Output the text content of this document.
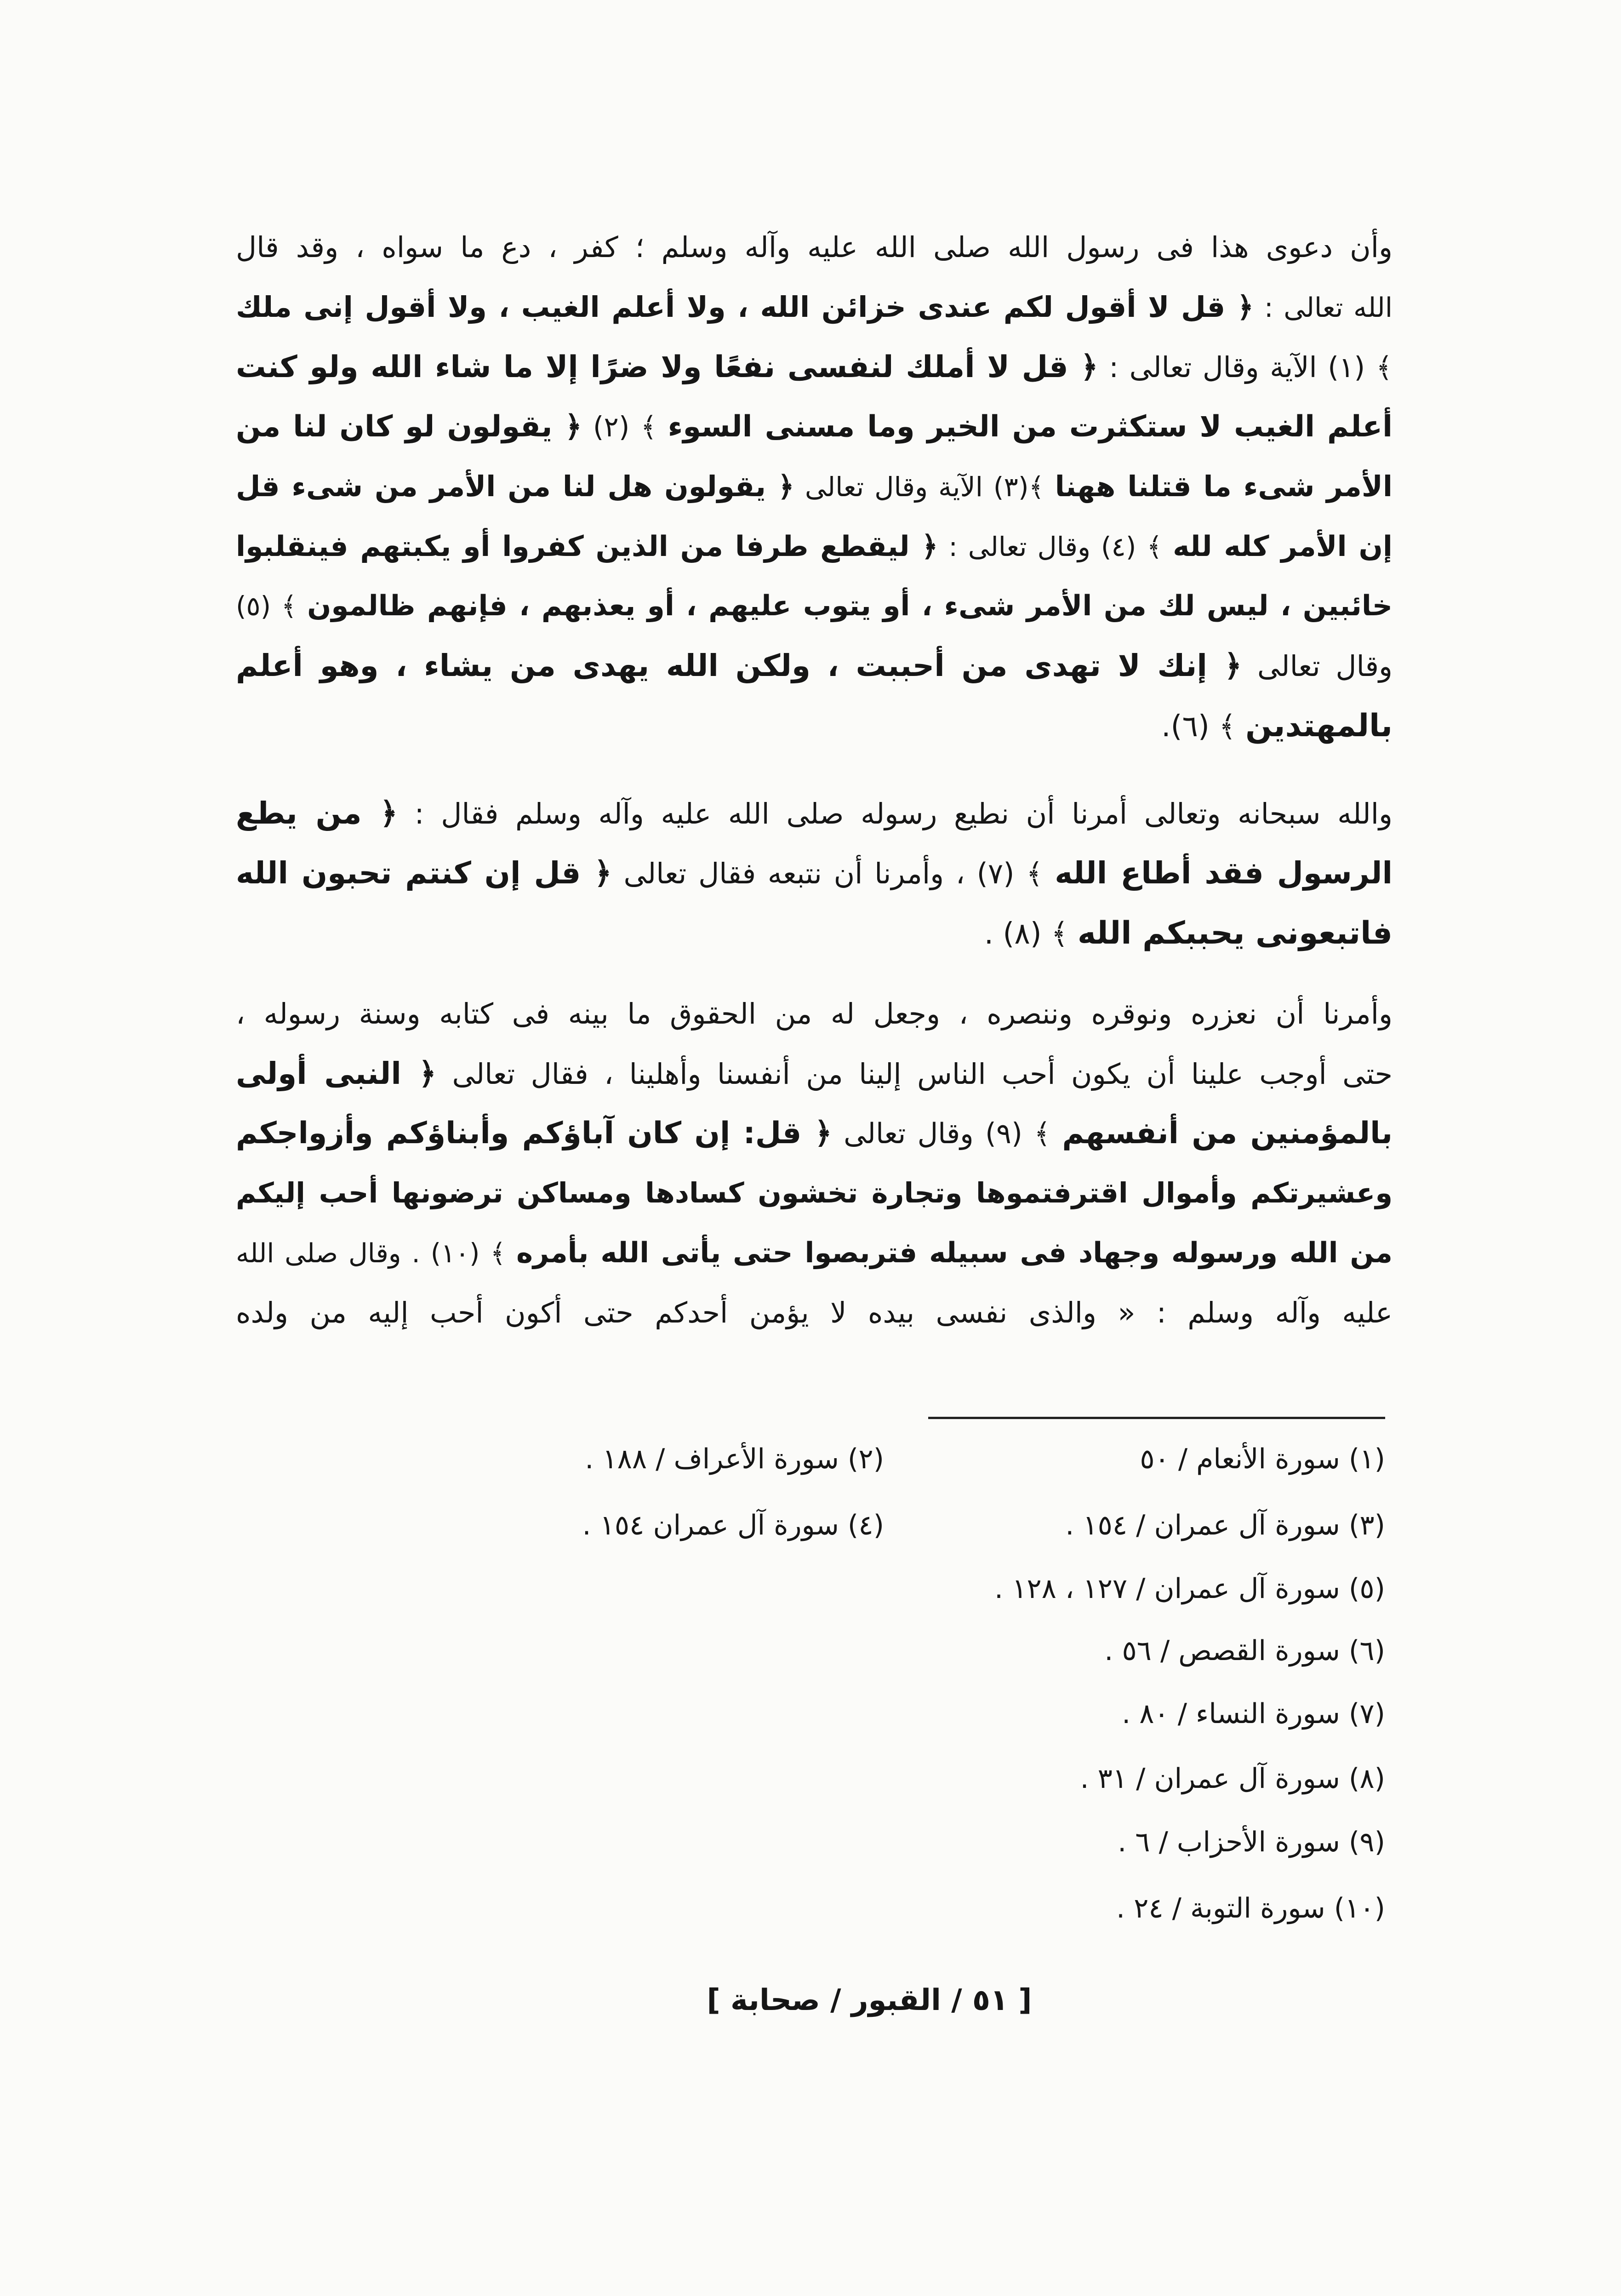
وأن دعوى هذا فى رسول الله صلى الله عليه وآله وسلم ؛ كفر ، دع ما سواه ، وقد قال
الله تعالى : ﴿ قل لا أقول لكم عندى خزائن الله ، ولا أعلم الغيب ، ولا أقول إنى ملك
﴾ (١) الآية وقال تعالى : ﴿ قل لا أملك لنفسى نفعًا ولا ضرًا إلا ما شاء الله ولو كنت
أعلم الغيب لا ستكثرت من الخير وما مسنى السوء ﴾ (٢) ﴿ يقولون لو كان لنا من
الأمر شىء ما قتلنا ههنا ﴾(٣) الآية وقال تعالى ﴿ يقولون هل لنا من الأمر من شىء قل
إن الأمر كله لله ﴾ (٤) وقال تعالى : ﴿ ليقطع طرفا من الذين كفروا أو يكبتهم فينقلبوا
خائبين ، ليس لك من الأمر شىء ، أو يتوب عليهم ، أو يعذبهم ، فإنهم ظالمون ﴾ (٥)
وقال تعالى ﴿ إنك لا تهدى من أحببت ، ولكن الله يهدى من يشاء ، وهو أعلم
بالمهتدين ﴾ (٦).
والله سبحانه وتعالى أمرنا أن نطيع رسوله صلى الله عليه وآله وسلم فقال : ﴿ من يطع
الرسول فقد أطاع الله ﴾ (٧) ، وأمرنا أن نتبعه فقال تعالى ﴿ قل إن كنتم تحبون الله
فاتبعونى يحببكم الله ﴾ (٨) .
وأمرنا أن نعزره ونوقره وننصره ، وجعل له من الحقوق ما بينه فى كتابه وسنة رسوله ،
حتى أوجب علينا أن يكون أحب الناس إلينا من أنفسنا وأهلينا ، فقال تعالى ﴿ النبى أولى
بالمؤمنين من أنفسهم ﴾ (٩) وقال تعالى ﴿ قل: إن كان آباؤكم وأبناؤكم وأزواجكم
وعشيرتكم وأموال اقترفتموها وتجارة تخشون كسادها ومساكن ترضونها أحب إليكم
من الله ورسوله وجهاد فى سبيله فتربصوا حتى يأتى الله بأمره ﴾ (١٠) . وقال صلى الله
عليه وآله وسلم : « والذى نفسى بيده لا يؤمن أحدكم حتى أكون أحب إليه من ولده
(١) سورة الأنعام / ٥٠
(٢) سورة الأعراف / ١٨٨ .
(٣) سورة آل عمران / ١٥٤ .
(٤) سورة آل عمران ١٥٤ .
(٥) سورة آل عمران / ١٢٧ ، ١٢٨ .
(٦) سورة القصص / ٥٦ .
(٧) سورة النساء / ٨٠ .
(٨) سورة آل عمران / ٣١ .
(٩) سورة الأحزاب / ٦ .
(١٠) سورة التوبة / ٢٤ .
[ ٥١ / القبور / صحابة ]
